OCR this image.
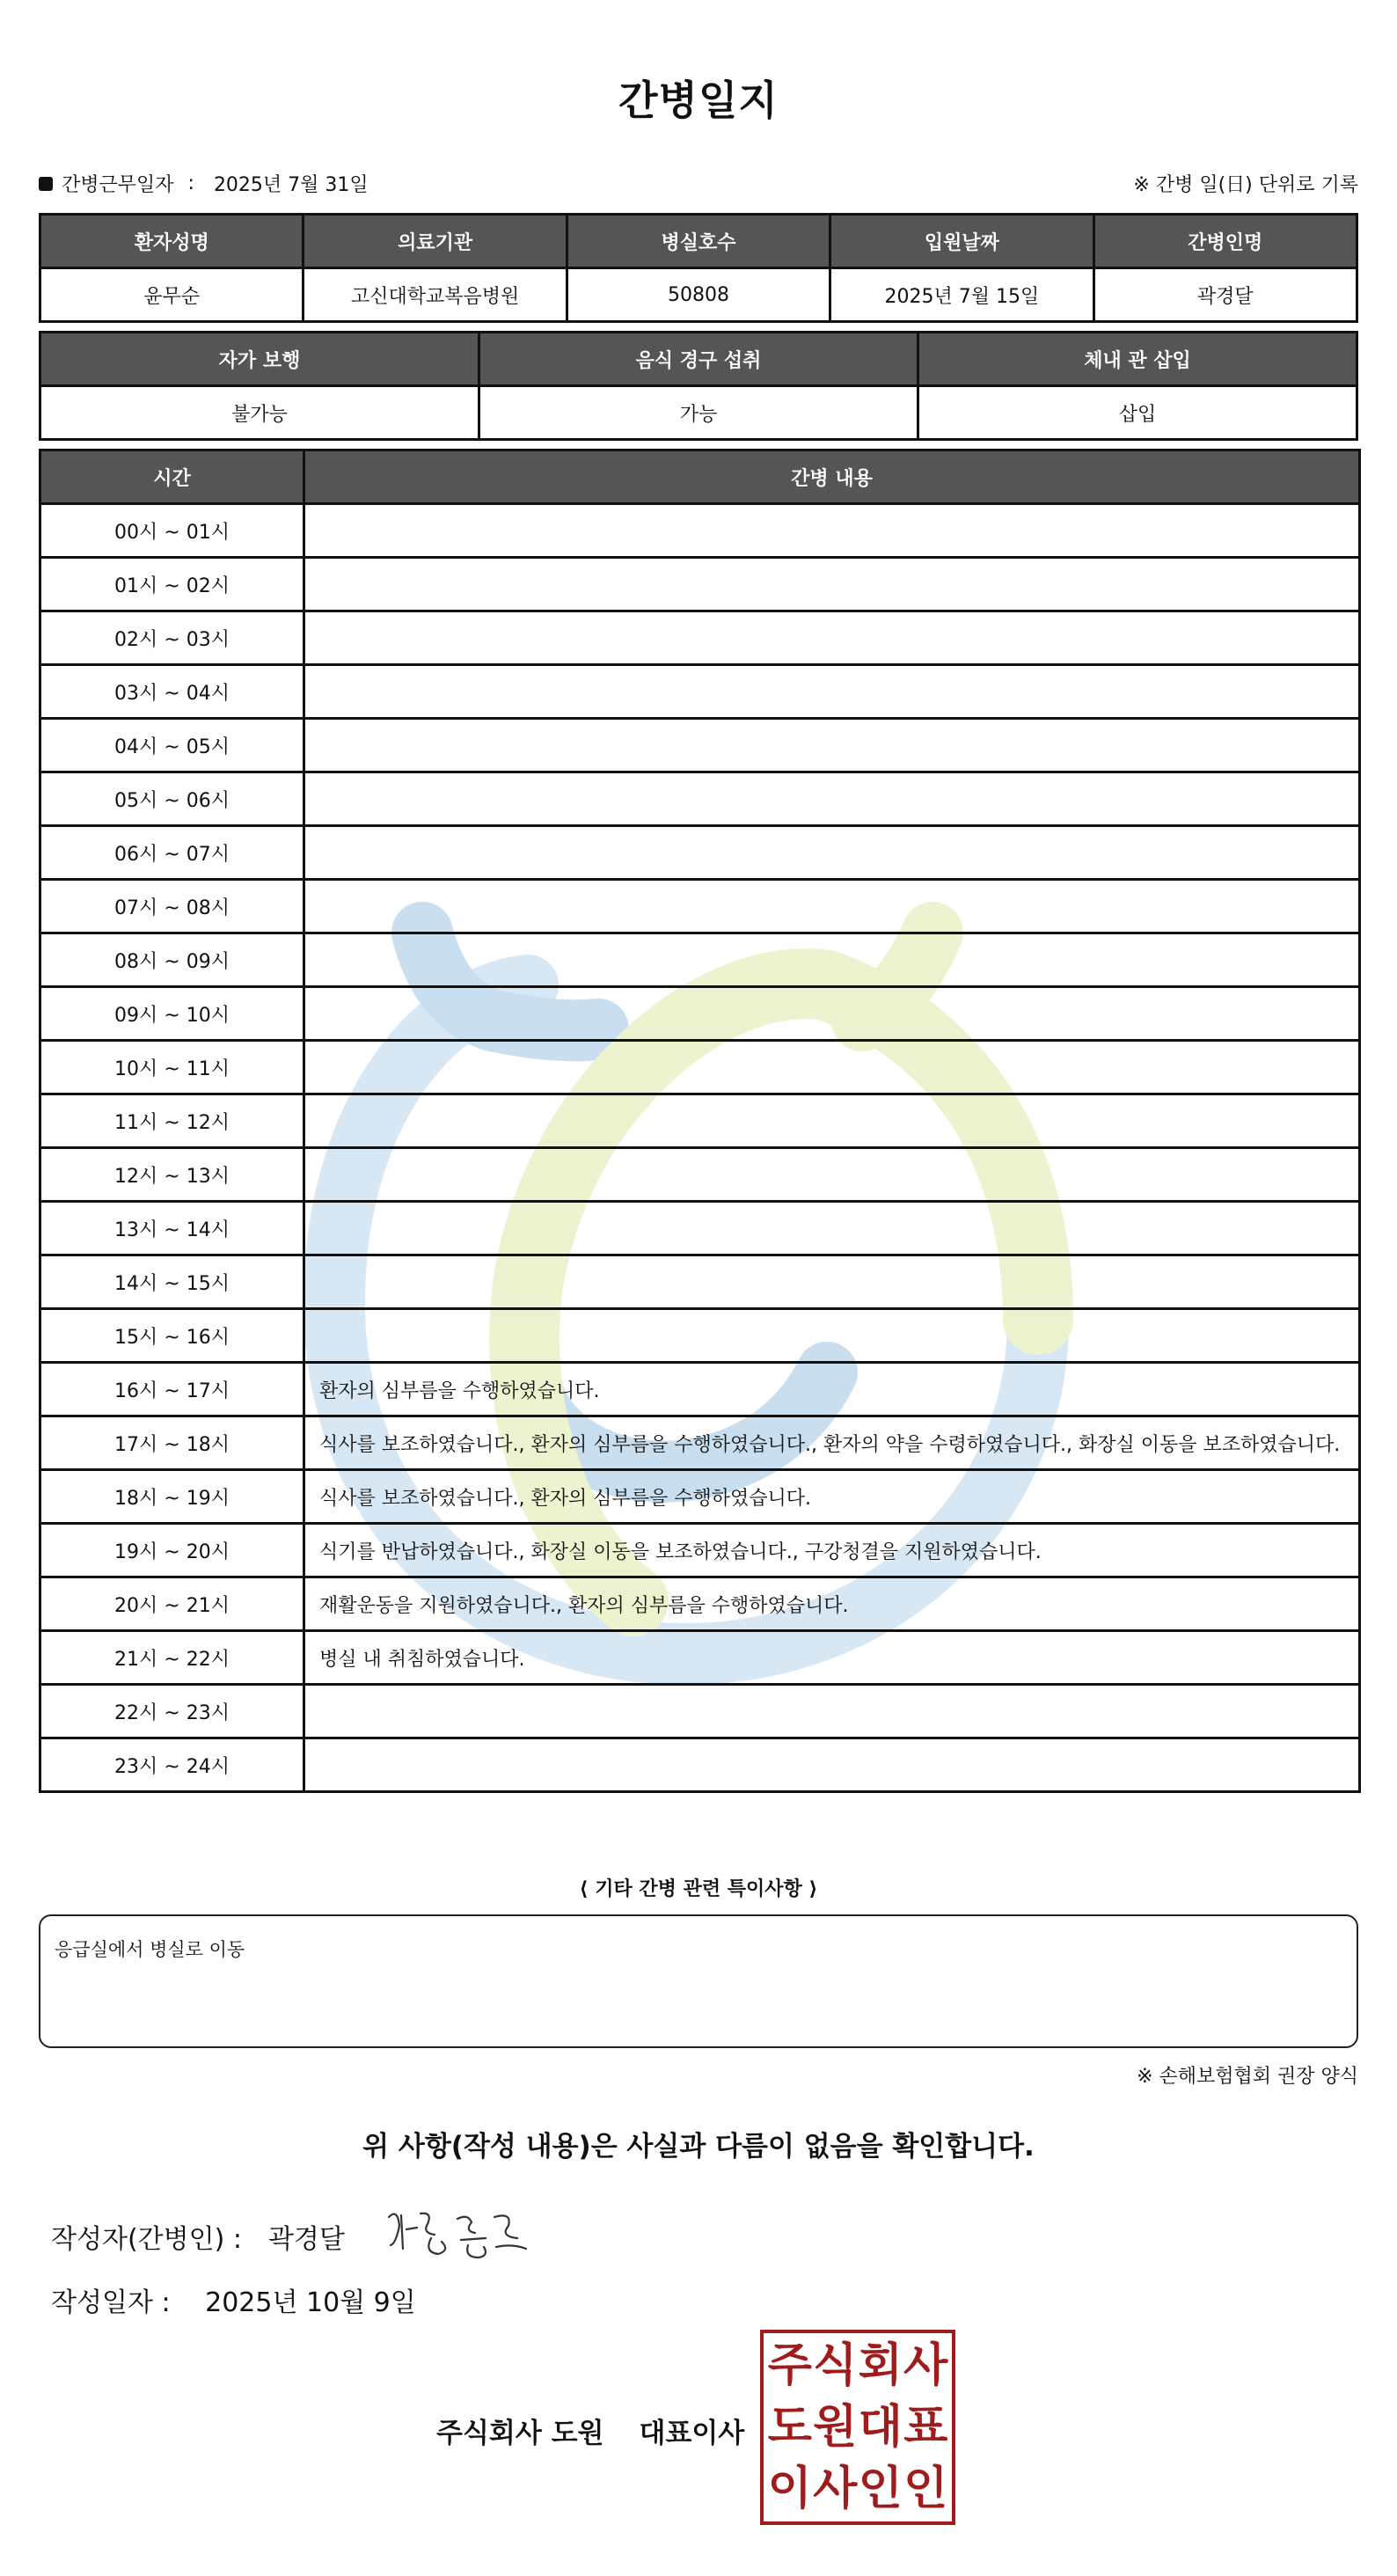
간병일지
간병근무일자 : 2025년 7월 31일	※ 간병 일(日) 단위로 기록
환자성명	의료기관	병실호수	입원날짜	간병인명
윤무순	고신대학교복음병원	50808	2025년 7월 15일	곽경달
자가 보행	음식 경구 섭취	체내 관 삽입
불가능	가능	삽입
시간	간병 내용
00시 ~ 01시	
01시 ~ 02시	
02시 ~ 03시	
03시 ~ 04시	
04시 ~ 05시	
05시 ~ 06시	
06시 ~ 07시	
07시 ~ 08시	
08시 ~ 09시	
09시 ~ 10시	
10시 ~ 11시	
11시 ~ 12시	
12시 ~ 13시	
13시 ~ 14시	
14시 ~ 15시	
15시 ~ 16시	
16시 ~ 17시	환자의 심부름을 수행하였습니다.
17시 ~ 18시	식사를 보조하였습니다., 환자의 심부름을 수행하였습니다., 환자의 약을 수령하였습니다., 화장실 이동을 보조하였습니다.
18시 ~ 19시	식사를 보조하였습니다., 환자의 심부름을 수행하였습니다.
19시 ~ 20시	식기를 반납하였습니다., 화장실 이동을 보조하였습니다., 구강청결을 지원하였습니다.
20시 ~ 21시	재활운동을 지원하였습니다., 환자의 심부름을 수행하였습니다.
21시 ~ 22시	병실 내 취침하였습니다.
22시 ~ 23시	
23시 ~ 24시	
⟨ 기타 간병 관련 특이사항 ⟩
응급실에서 병실로 이동
※ 손해보험협회 권장 양식
위 사항(작성 내용)은 사실과 다름이 없음을 확인합니다.
작성자(간병인) : 곽경달
작성일자 : 2025년 10월 9일
주식회사 도원 대표이사
주 식 회 사
도 원 대 표
이 사 인 인
